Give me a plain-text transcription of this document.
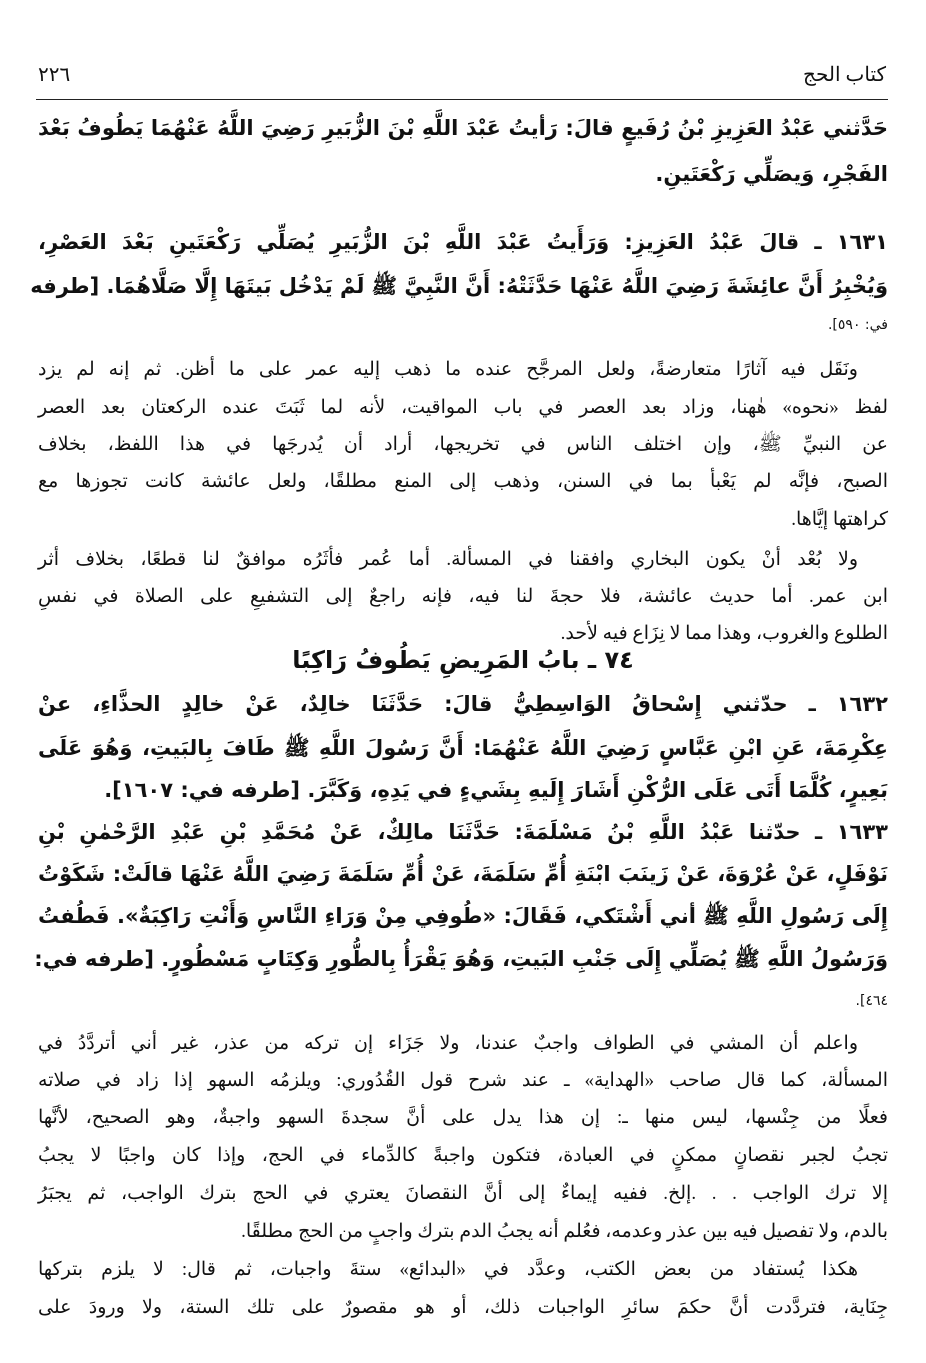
٢٢٦	كتاب الحج
حَدَّثني عَبْدُ العَزِيزِ بْنُ رُفَيعٍ قالَ: رَأيتُ عَبْدَ اللَّهِ بْنَ الزُّبَيرِ رَضِيَ اللَّهُ عَنْهُمَا يَطُوفُ بَعْدَ
الفَجْرِ، وَيصَلِّي رَكْعَتَينِ.
١٦٣١ ـ قالَ عَبْدُ العَزِيزِ: وَرَأَيتُ عَبْدَ اللَّهِ بْنَ الزُّبَيرِ يُصَلِّي رَكْعَتَينِ بَعْدَ العَصْرِ،
وَيُخْبِرُ أَنَّ عائِشَةَ رَضِيَ اللَّهُ عَنْهَا حَدَّثَتْهُ: أَنَّ النَّبِيَّ ﷺ لَمْ يَدْخُل بَيتَهَا إِلَّا صَلَّاهُمَا. [طرفه
في: ٥٩٠].
ونَقَل فيه آثارًا متعارضةً، ولعل المرجَّح عنده ما ذهب إليه عمر على ما أظن. ثم إنه لم يزد
لفظ «نحوه» هٰهنا، وزاد بعد العصر في باب المواقيت، لأنه لما ثَبَتَ عنده الركعتان بعد العصر
عن النبيِّ ﷺ، وإن اختلف الناس في تخريجها، أراد أن يُدرجَها في هذا اللفظ، بخلاف
الصبح، فإنَّه لم يَعْبأ بما في السنن، وذهب إلى المنع مطلقًا، ولعل عائشة كانت تجوزها مع
كراهتها إيَّاها.
ولا بُعْد أنْ يكون البخاري وافقنا في المسألة. أما عُمر فأثَرُه موافقٌ لنا قطعًا، بخلاف أثر
ابن عمر. أما حديث عائشة، فلا حجةَ لنا فيه، فإنه راجعٌ إلى التشفيعِ على الصلاة في نفسِ
الطلوع والغروب، وهذا مما لا نِزَاع فيه لأحد.
٧٤ ـ بابُ المَرِيضِ يَطُوفُ رَاكِبًا
١٦٣٢ ـ حدّثني إِسْحاقُ الوَاسِطِيُّ قالَ: حَدَّثَنَا خالِدٌ، عَنْ خالِدٍ الحذَّاءِ، عنْ
عِكْرِمَةَ، عَنِ ابْنِ عَبَّاسٍ رَضِيَ اللَّهُ عَنْهُمَا: أَنَّ رَسُولَ اللَّهِ ﷺ طَافَ بِالبَيتِ، وَهُوَ عَلَى
بَعِيرٍ، كُلَّمَا أَتَى عَلَى الرُّكْنِ أَشَارَ إِلَيهِ بِشَيءٍ في يَدِهِ، وَكَبَّرَ. [طرفه في: ١٦٠٧].
١٦٣٣ ـ حدّثنا عَبْدُ اللَّهِ بْنُ مَسْلَمَةَ: حَدَّثَنَا مالِكٌ، عَنْ مُحَمَّدِ بْنِ عَبْدِ الرَّحْمٰنِ بْنِ
نَوْفَلٍ، عَنْ عُرْوَةَ، عَنْ زَينَبَ ابْنَةِ أُمِّ سَلَمَةَ، عَنْ أُمِّ سَلَمَةَ رَضِيَ اللَّهُ عَنْهَا قالَتْ: شَكَوْتُ
إِلَى رَسُولِ اللَّهِ ﷺ أني أَشْتَكي، فَقَالَ: «طُوفِي مِنْ وَرَاءِ النَّاسِ وَأَنْتِ رَاكِبَةٌ». فَطُفتُ
وَرَسُولُ اللَّهِ ﷺ يُصَلِّي إِلَى جَنْبِ البَيتِ، وَهُوَ يَقْرَأُ بِالطُّورِ وَكِتَابٍ مَسْطُورٍ. [طرفه في:
٤٦٤].
واعلم أن المشي في الطواف واجبٌ عندنا، ولا جَزَاء إن تركه من عذر، غير أني أتردَّدُ في
المسألة، كما قال صاحب «الهداية» ـ عند شرح قول القُدُوري: ويلزمُه السهو إذا زاد في صلاته
فعلًا من جِنْسها، ليس منها ـ: إن هذا يدل على أنَّ سجدةَ السهو واجبةٌ، وهو الصحيح، لأنَّها
تجبُ لجبر نقصانٍ ممكنٍ في العبادة، فتكون واجبةً كالدِّماء في الحج، وإذا كان واجبًا لا يجبُ
إلا ترك الواجب . . .إلخ. ففيه إيماءٌ إلى أنَّ النقصانَ يعتري في الحج بترك الواجب، ثم يجبَرُ
بالدم، ولا تفصيل فيه بين عذر وعدمه، فعُلم أنه يجبُ الدم بترك واجبٍ من الحج مطلقًا.
هكذا يُستفاد من بعض الكتب، وعدَّد في «البدائع» ستةَ واجبات، ثم قال: لا يلزم بتركها
جِنَاية، فتردَّدت أنَّ حكمَ سائرِ الواجبات ذلك، أو هو مقصورٌ على تلك الستة، ولا ورودَ على
